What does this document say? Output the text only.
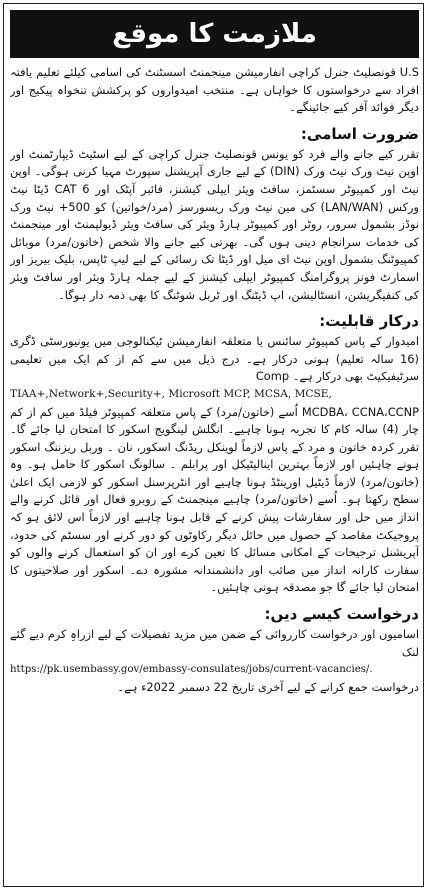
ملازمت کا موقع

U.S قونصلیٹ جنرل کراچی انفارمیشن مینجمنٹ اسسٹنٹ کی اسامی کیلئے تعلیم یافتہ افراد سے درخواستوں کا خواہاں ہے۔ منتخب امیدواروں کو پرکشش تنخواہ پیکیج اور دیگر فوائد آفر کیے جائینگے۔

ضرورت اسامی:

تقرر کیے جانے والے فرد کو یونس قونصلیٹ جنرل کراچی کے لیے اسٹیٹ ڈیپارٹمنٹ اور اوپن نیٹ ورک نیٹ ورک (DIN) کے لیے جاری آپریشنل سپورٹ مہیا کرنی ہوگی۔ اوپن نیٹ اور کمپیوٹر سسٹمز، سافٹ ویئر ایپلی کیشنز، فائبر آپٹک اور CAT 6 ڈیٹا نیٹ ورکس (LAN/WAN) کی مین نیٹ ورک ریسورسز (مرد/خواتین) کو 500+ نیٹ ورک نوڈز بشمول سرور، روٹر اور کمپیوٹر ہارڈ ویئر کی سافٹ ویئر ڈیولپمنٹ اور مینجمنٹ کی خدمات سرانجام دینی ہوں گی۔ بھرتی کیے جانے والا شخص (خاتون/مرد) موبائل کمپیوٹنگ بشمول اوپن نیٹ ای میل اور ڈیٹا تک رسائی کے لیے لیپ ٹاپس، بلیک بیریز اور اسمارٹ فونز پروگرامنگ کمپیوٹر ایپلی کیشنز کے لیے جملہ ہارڈ ویئر اور سافٹ ویئر کی کنفیگریشن، انسٹالیشن، اپ ڈیٹنگ اور ٹربل شوٹنگ کا بھی ذمہ دار ہوگا۔

درکار قابلیت:

امیدوار کے پاس کمپیوٹر سائنس یا متعلقہ انفارمیشن ٹیکنالوجی میں یونیورسٹی ڈگری (16 سالہ تعلیم) ہونی درکار ہے۔ درج ذیل میں سے کم از کم ایک میں تعلیمی سرٹیفیکیٹ بھی درکار ہے۔ Comp

TIAA+,Network+,Security+, Microsoft MCP, MCSA, MCSE,

MCDBA، CCNA،CCNP اُسے (خاتون/مرد) کے پاس متعلقہ کمپیوٹر فیلڈ میں کم از کم چار (4) سالہ کام کا تجربہ ہونا چاہیے۔ انگلش لینگویج اسکور کا امتحان لیا جائے گا۔ تقرر کردہ خاتون و مرد کے پاس لازماً لوینکل ریڈنگ اسکور، نان ۔ وربل ریزننگ اسکور ہونے چاہئیں اور لازماً بہترین اینالیٹیکل اور پرابلم ۔ سالونگ اسکور کا حامل ہو۔ وہ (خاتون/مرد) لازماً ڈیٹیل اورینٹڈ ہونا چاہیے اور انٹرپرسنل اسکور کو لازمی ایک اعلیٰ سطح رکھتا ہو۔ اُسے (خاتون/مرد) چاہیے مینجمنٹ کے روبرو فعال اور قائل کرنے والے انداز میں حل اور سفارشات پیش کرنے کے قابل ہونا چاہیے اور لازماً اس لائق ہو کہ پروجیکٹ مقاصد کے حصول میں حائل دیگر رکاوٹوں کو دور کرنے اور سسٹم کی حدود، آپریشنل ترجیحات کے امکانی مسائل کا تعین کرے اور ان کو استعمال کرنے والوں کو سفارت کارانہ انداز میں صائب اور دانشمندانہ مشورہ دے۔ اسکور اور صلاحیتوں کا امتحان لیا جائے گا جو مصدقہ ہونی چاہئیں۔

درخواست کیسے دیں:

اسامیوں اور درخواست کارروائی کے ضمن میں مزید تفصیلات کے لیے ازراہِ کرم دیے گئے لنک

https://pk.usembassy.gov/embassy-consulates/jobs/current-vacancies/.

درخواست جمع کرانے کے لیے آخری تاریخ 22 دسمبر 2022ء ہے۔
